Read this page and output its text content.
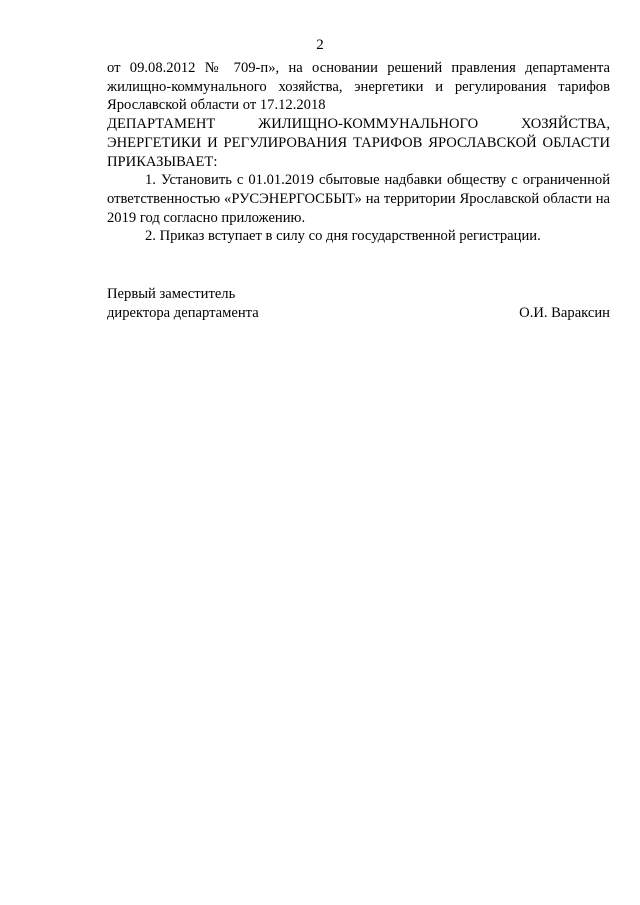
2

от 09.08.2012 № 709-п», на основании решений правления департамента жилищно-коммунального хозяйства, энергетики и регулирования тарифов Ярославской области от 17.12.2018

ДЕПАРТАМЕНТ ЖИЛИЩНО-КОММУНАЛЬНОГО ХОЗЯЙСТВА, ЭНЕРГЕТИКИ И РЕГУЛИРОВАНИЯ ТАРИФОВ ЯРОСЛАВСКОЙ ОБЛАСТИ ПРИКАЗЫВАЕТ:

1. Установить с 01.01.2019 сбытовые надбавки обществу с ограниченной ответственностью «РУСЭНЕРГОСБЫТ» на территории Ярославской области на 2019 год согласно приложению.

2. Приказ вступает в силу со дня государственной регистрации.

Первый заместитель
директора департамента	О.И. Вараксин
